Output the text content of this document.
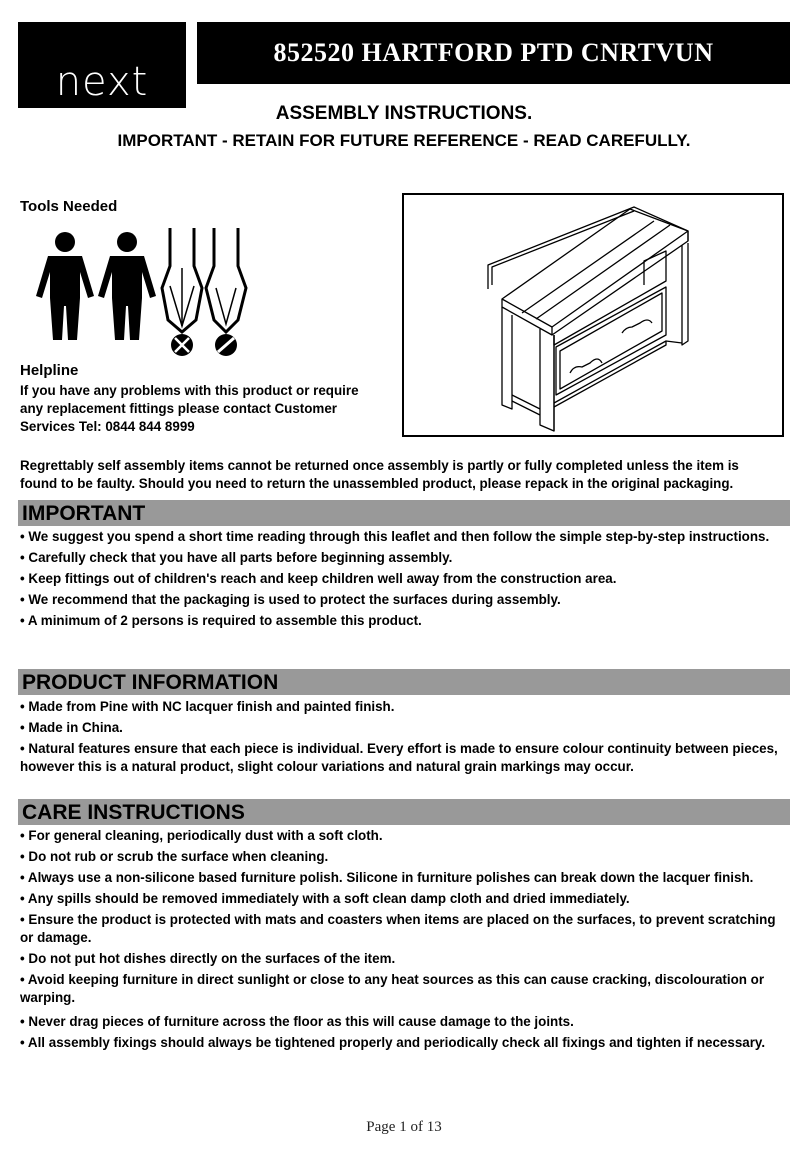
next
852520 HARTFORD PTD CNRTVUN
ASSEMBLY INSTRUCTIONS.
IMPORTANT - RETAIN FOR FUTURE REFERENCE - READ CAREFULLY.
Tools Needed
Helpline
If you have any problems with this product or require
any replacement fittings please contact Customer
Services Tel: 0844 844 8999
Regrettably self assembly items cannot be returned once assembly is partly or fully completed unless the item is
found to be faulty. Should you need to return the unassembled product, please repack in the original packaging.
IMPORTANT

• We suggest you spend a short time reading through this leaflet and then follow the simple step-by-step instructions.

• Carefully check that you have all parts before beginning assembly.

• Keep fittings out of children's reach and keep children well away from the construction area.

• We recommend that the packaging is used to protect the surfaces during assembly.

• A minimum of 2 persons is required to assemble this product.

PRODUCT INFORMATION

• Made from Pine with NC lacquer finish and painted finish.

• Made in China.

• Natural features ensure that each piece is individual. Every effort is made to ensure colour continuity between pieces, however this is a natural product, slight colour variations and natural grain markings may occur.

CARE INSTRUCTIONS

• For general cleaning, periodically dust with a soft cloth.

• Do not rub or scrub the surface when cleaning.

• Always use a non-silicone based furniture polish. Silicone in furniture polishes can break down the lacquer finish.

• Any spills should be removed immediately with a soft clean damp cloth and dried immediately.

• Ensure the product is protected with mats and coasters when items are placed on the surfaces, to prevent scratching or damage.

• Do not put hot dishes directly on the surfaces of the item.

• Avoid keeping furniture in direct sunlight or close to any heat sources as this can cause cracking, discolouration or warping.

• Never drag pieces of furniture across the floor as this will cause damage to the joints.

• All assembly fixings should always be tightened properly and periodically check all fixings and tighten if necessary.

Page 1 of 13
